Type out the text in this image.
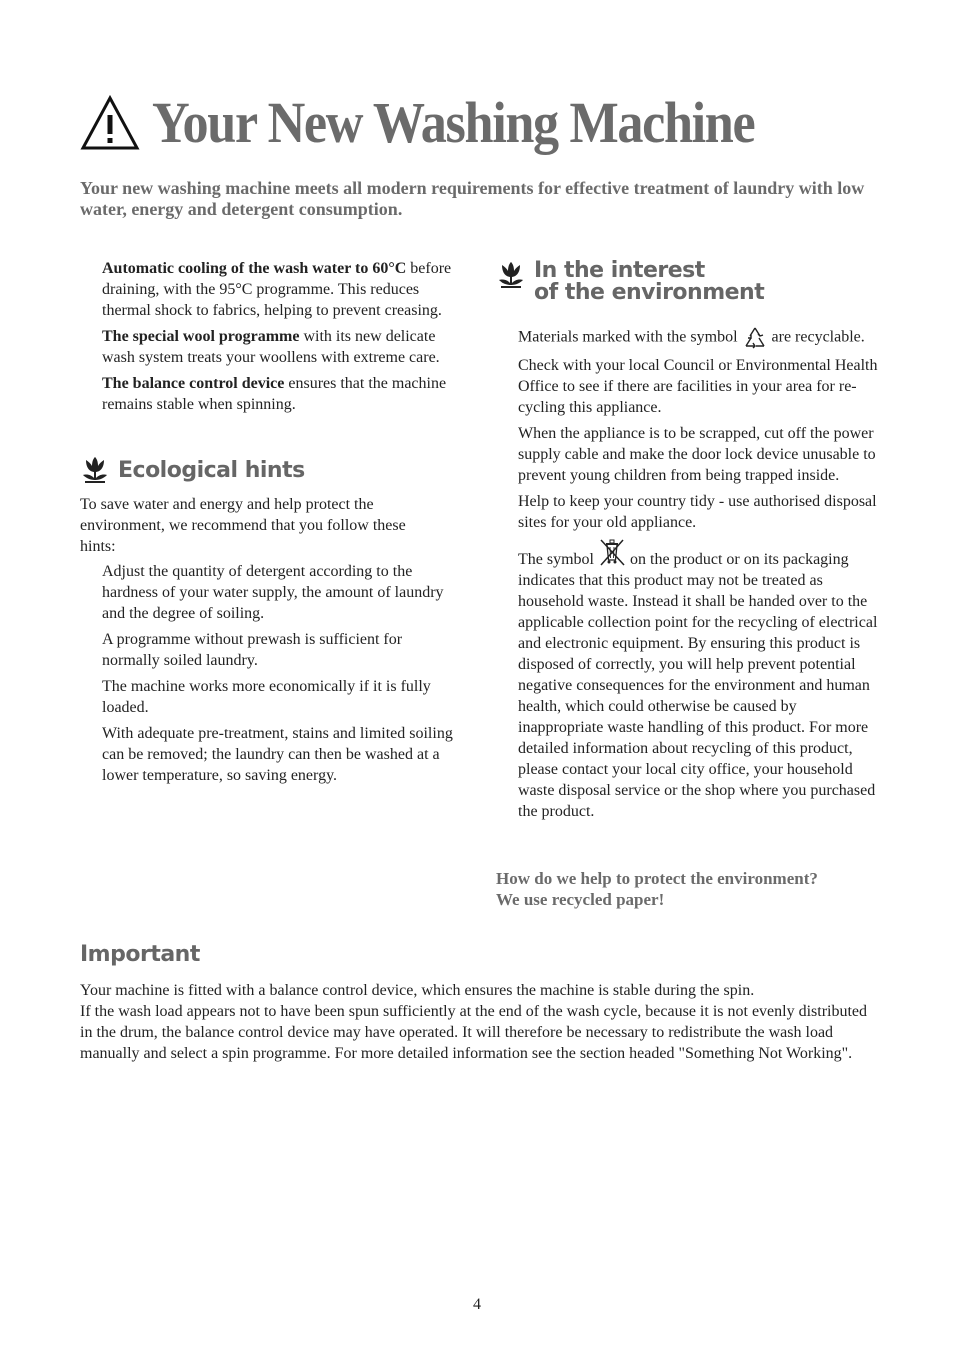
Your New Washing Machine
Your new washing machine meets all modern requirements for effective treatment of laundry with low water, energy and detergent consumption.

Automatic cooling of the wash water to 60°C before draining, with the 95°C programme. This reduces thermal shock to fabrics, helping to prevent creasing.

The special wool programme with its new delicate wash system treats your woollens with extreme care.

The balance control device ensures that the machine remains stable when spinning.

Ecological hints
To save water and energy and help protect the environment, we recommend that you follow these hints:

Adjust the quantity of detergent according to the hardness of your water supply, the amount of laundry and the degree of soiling.

A programme without prewash is sufficient for normally soiled laundry.

The machine works more economically if it is fully loaded.

With adequate pre-treatment, stains and limited soiling can be removed; the laundry can then be washed at a lower temperature, so saving energy.

In the interest
of the environment

Materials marked with the symbol  are recyclable.

Check with your local Council or Environmental Health Office to see if there are facilities in your area for re-cycling this appliance.

When the appliance is to be scrapped, cut off the power supply cable and make the door lock device unusable to prevent young children from being trapped inside.

Help to keep your country tidy - use authorised disposal sites for your old appliance.

The symbol  on the product or on its packaging indicates that this product may not be treated as household waste. Instead it shall be handed over to the applicable collection point for the recycling of electrical and electronic equipment. By ensuring this product is disposed of correctly, you will help prevent potential negative consequences for the environment and human health, which could otherwise be caused by inappropriate waste handling of this product. For more detailed information about recycling of this product, please contact your local city office, your household waste disposal service or the shop where you purchased the product.

How do we help to protect the environment?
We use recycled paper!
Important
Your machine is fitted with a balance control device, which ensures the machine is stable during the spin.
If the wash load appears not to have been spun sufficiently at the end of the wash cycle, because it is not evenly distributed in the drum, the balance control device may have operated. It will therefore be necessary to redistribute the wash load manually and select a spin programme. For more detailed information see the section headed "Something Not Working".
4
